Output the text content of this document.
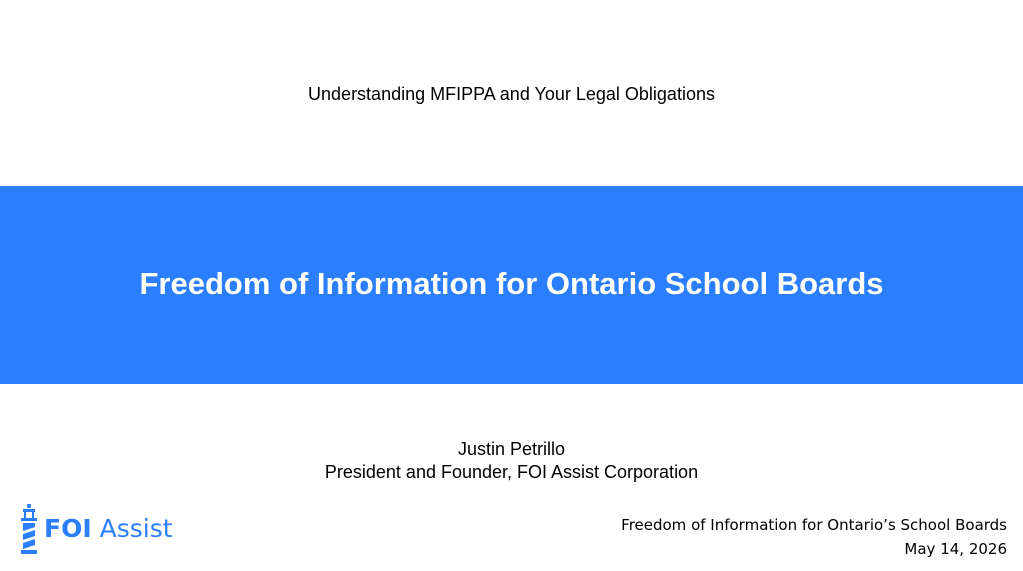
Understanding MFIPPA and Your Legal Obligations
Freedom of Information for Ontario School Boards
Justin Petrillo
President and Founder, FOI Assist Corporation
FOI Assist	Freedom of Information for Ontario’s School Boards
May 14, 2026
